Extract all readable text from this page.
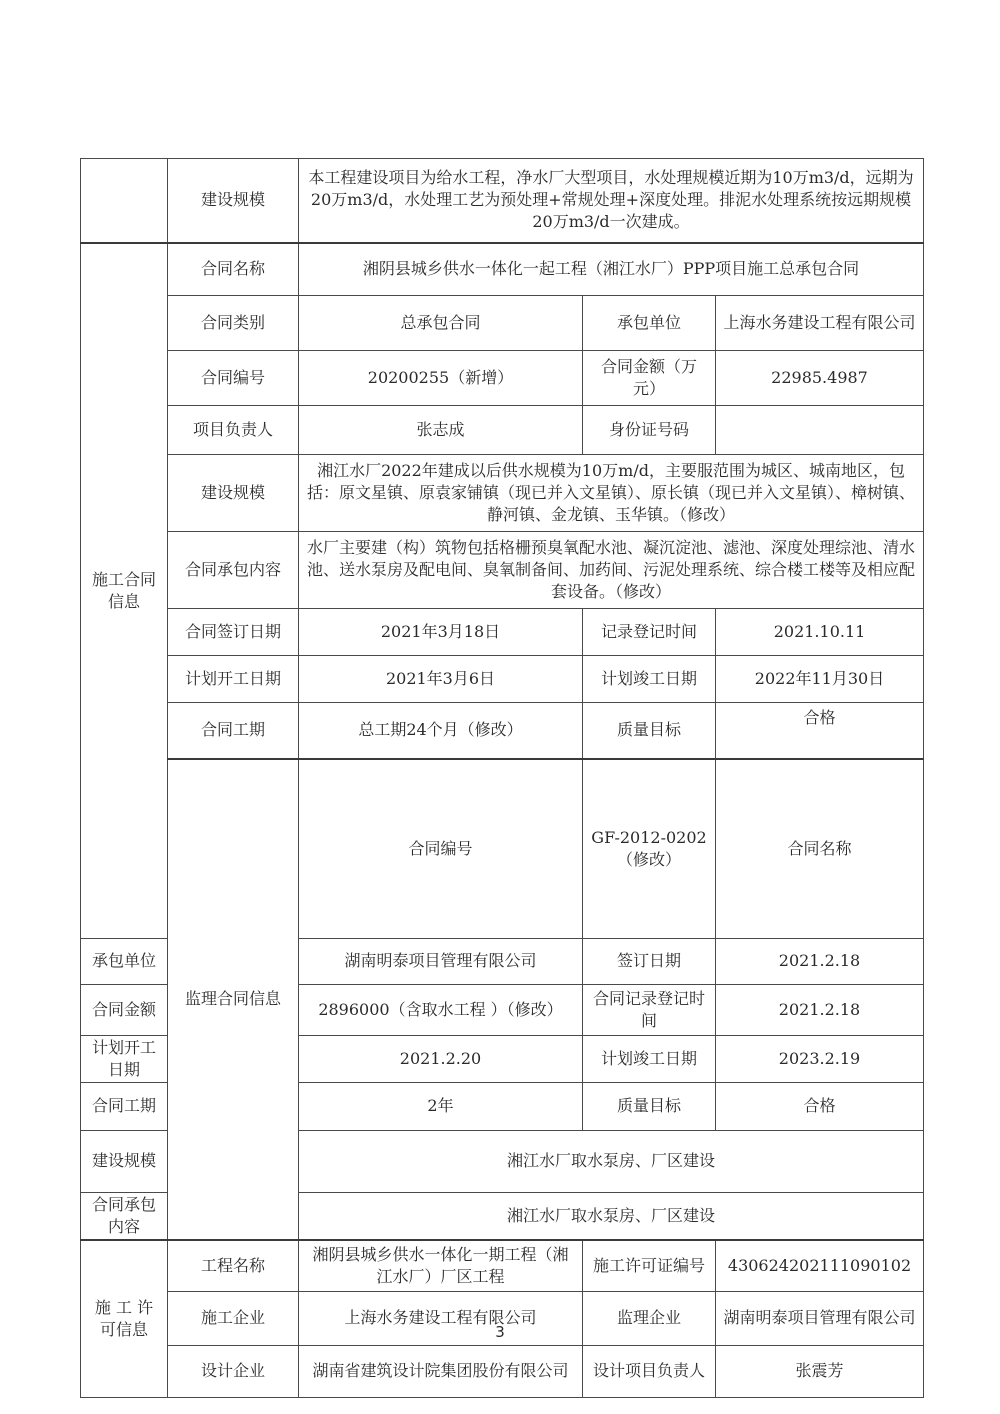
	建设规模	本工程建设项目为给水工程，净水厂大型项目，水处理规模近期为10万m3/d，远期为20万m3/d，水处理工艺为预处理+常规处理+深度处理。排泥水处理系统按远期规模20万m3/d一次建成。			
施工合同信息	合同名称	湘阴县城乡供水一体化一起工程（湘江水厂）PPP项目施工总承包合同			
	合同类别	总承包合同	承包单位	上海水务建设工程有限公司	
	合同编号	20200255（新增）	合同金额（万元）	22985.4987	
	项目负责人	张志成	身份证号码		
	建设规模	湘江水厂2022年建成以后供水规模为10万m/d，主要服范围为城区、城南地区，包括：原文星镇、原袁家铺镇（现已并入文星镇）、原长镇（现已并入文星镇）、樟树镇、静河镇、金龙镇、玉华镇。（修改）			
	合同承包内容	水厂主要建（构）筑物包括格栅预臭氧配水池、凝沉淀池、滤池、深度处理综池、清水池、送水泵房及配电间、臭氧制备间、加药间、污泥处理系统、综合楼工楼等及相应配套设备。（修改）			
	合同签订日期	2021年3月18日	记录登记时间	2021.10.11	
	计划开工日期	2021年3月6日	计划竣工日期	2022年11月30日	
	合同工期	总工期24个月（修改）	质量目标	合格	
	监理合同信息	合同编号	GF-2012-0202（修改）	合同名称	
承包单位		湖南明泰项目管理有限公司	签订日期	2021.2.18	
合同金额		2896000（含取水工程 ）（修改）	合同记录登记时间	2021.2.18	
计划开工日期		2021.2.20	计划竣工日期	2023.2.19	
合同工期		2年	质量目标	合格	
建设规模		湘江水厂取水泵房、厂区建设			
合同承包内容		湘江水厂取水泵房、厂区建设			
施 工 许可信息	工程名称	湘阴县城乡供水一体化一期工程（湘江水厂）厂区工程	施工许可证编号	430624202111090102	
	施工企业	上海水务建设工程有限公司	监理企业	湖南明泰项目管理有限公司	
	设计企业	湖南省建筑设计院集团股份有限公司	设计项目负责人	张震芳	
3
